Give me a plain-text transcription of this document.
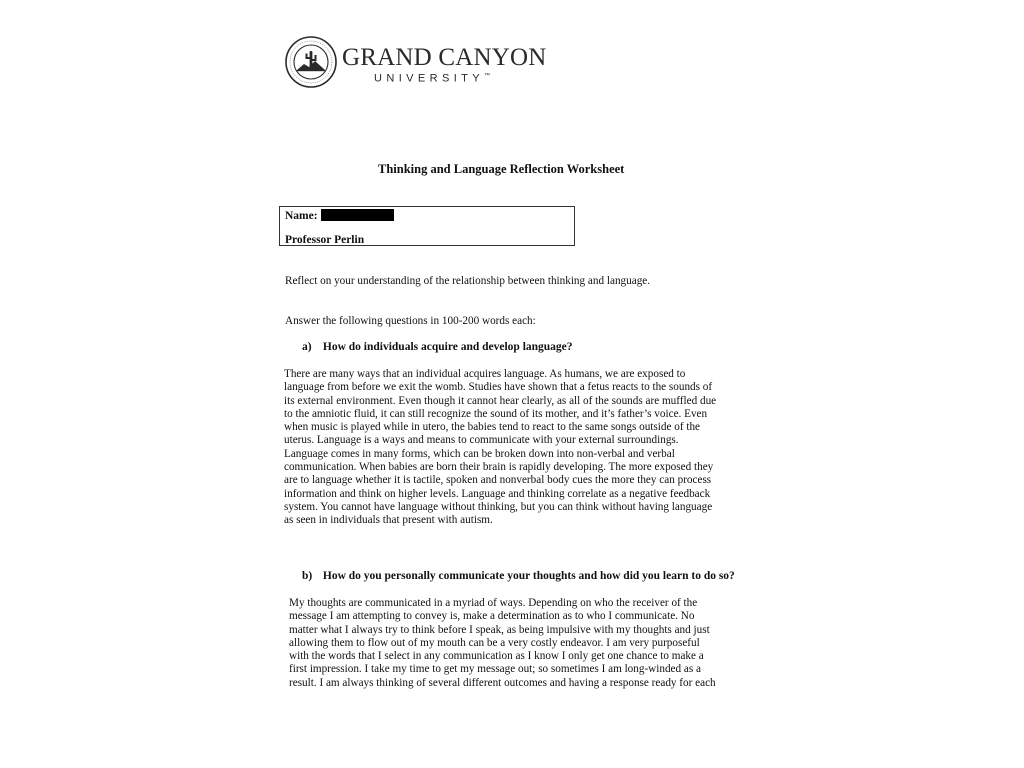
GRAND CANYON
UNIVERSITY™
Thinking and Language Reflection Worksheet
Name:
Professor Perlin
Reflect on your understanding of the relationship between thinking and language.
Answer the following questions in 100-200 words each:
a) How do individuals acquire and develop language?
There are many ways that an individual acquires language. As humans, we are exposed to
language from before we exit the womb. Studies have shown that a fetus reacts to the sounds of
its external environment. Even though it cannot hear clearly, as all of the sounds are muffled due
to the amniotic fluid, it can still recognize the sound of its mother, and it’s father’s voice. Even
when music is played while in utero, the babies tend to react to the same songs outside of the
uterus. Language is a ways and means to communicate with your external surroundings.
Language comes in many forms, which can be broken down into non-verbal and verbal
communication. When babies are born their brain is rapidly developing. The more exposed they
are to language whether it is tactile, spoken and nonverbal body cues the more they can process
information and think on higher levels. Language and thinking correlate as a negative feedback
system. You cannot have language without thinking, but you can think without having language
as seen in individuals that present with autism.
b) How do you personally communicate your thoughts and how did you learn to do so?
My thoughts are communicated in a myriad of ways. Depending on who the receiver of the
message I am attempting to convey is, make a determination as to who I communicate. No
matter what I always try to think before I speak, as being impulsive with my thoughts and just
allowing them to flow out of my mouth can be a very costly endeavor. I am very purposeful
with the words that I select in any communication as I know I only get one chance to make a
first impression. I take my time to get my message out; so sometimes I am long-winded as a
result. I am always thinking of several different outcomes and having a response ready for each
